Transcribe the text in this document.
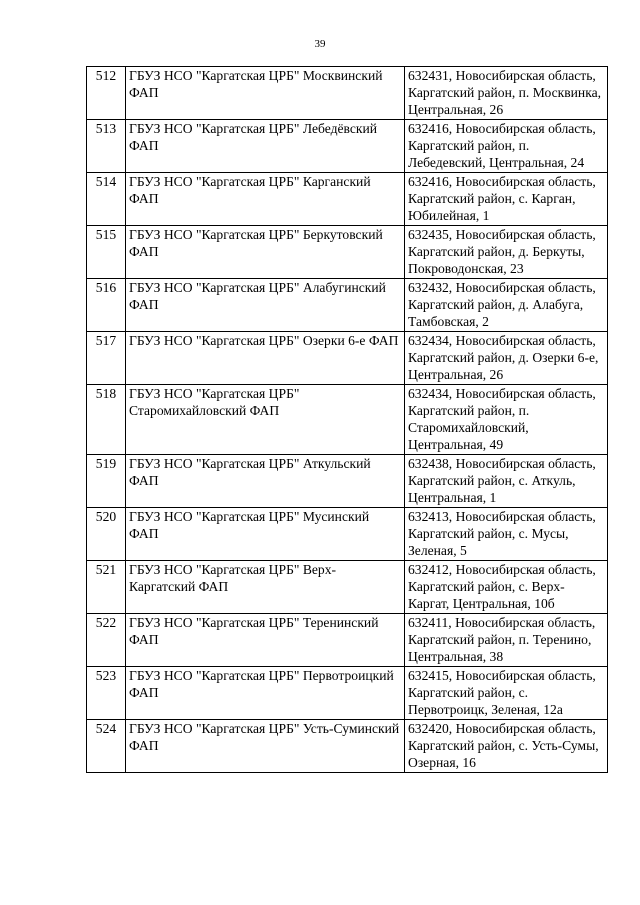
39
512	ГБУЗ НСО "Каргатская ЦРБ" Москвинский ФАП	632431, Новосибирская область, Каргатский район, п. Москвинка, Центральная, 26
513	ГБУЗ НСО "Каргатская ЦРБ" Лебедёвский ФАП	632416, Новосибирская область, Каргатский район, п. Лебедевский, Центральная, 24
514	ГБУЗ НСО "Каргатская ЦРБ" Карганский ФАП	632416, Новосибирская область, Каргатский район, с. Карган, Юбилейная, 1
515	ГБУЗ НСО "Каргатская ЦРБ" Беркутовский ФАП	632435, Новосибирская область, Каргатский район, д. Беркуты, Покроводонская, 23
516	ГБУЗ НСО "Каргатская ЦРБ" Алабугинский ФАП	632432, Новосибирская область, Каргатский район, д. Алабуга, Тамбовская, 2
517	ГБУЗ НСО "Каргатская ЦРБ" Озерки 6-е ФАП	632434, Новосибирская область, Каргатский район, д. Озерки 6-е, Центральная, 26
518	ГБУЗ НСО "Каргатская ЦРБ" Старомихайловский ФАП	632434, Новосибирская область, Каргатский район, п. Старомихайловский, Центральная, 49
519	ГБУЗ НСО "Каргатская ЦРБ" Аткульский ФАП	632438, Новосибирская область, Каргатский район, с. Аткуль, Центральная, 1
520	ГБУЗ НСО "Каргатская ЦРБ" Мусинский ФАП	632413, Новосибирская область, Каргатский район, с. Мусы, Зеленая, 5
521	ГБУЗ НСО "Каргатская ЦРБ" Верх-Каргатский ФАП	632412, Новосибирская область, Каргатский район, с. Верх-Каргат, Центральная, 10б
522	ГБУЗ НСО "Каргатская ЦРБ" Теренинский ФАП	632411, Новосибирская область, Каргатский район, п. Теренино, Центральная, 38
523	ГБУЗ НСО "Каргатская ЦРБ" Первотроицкий ФАП	632415, Новосибирская область, Каргатский район, с. Первотроицк, Зеленая, 12а
524	ГБУЗ НСО "Каргатская ЦРБ" Усть-Суминский ФАП	632420, Новосибирская область, Каргатский район, с. Усть-Сумы, Озерная, 16
